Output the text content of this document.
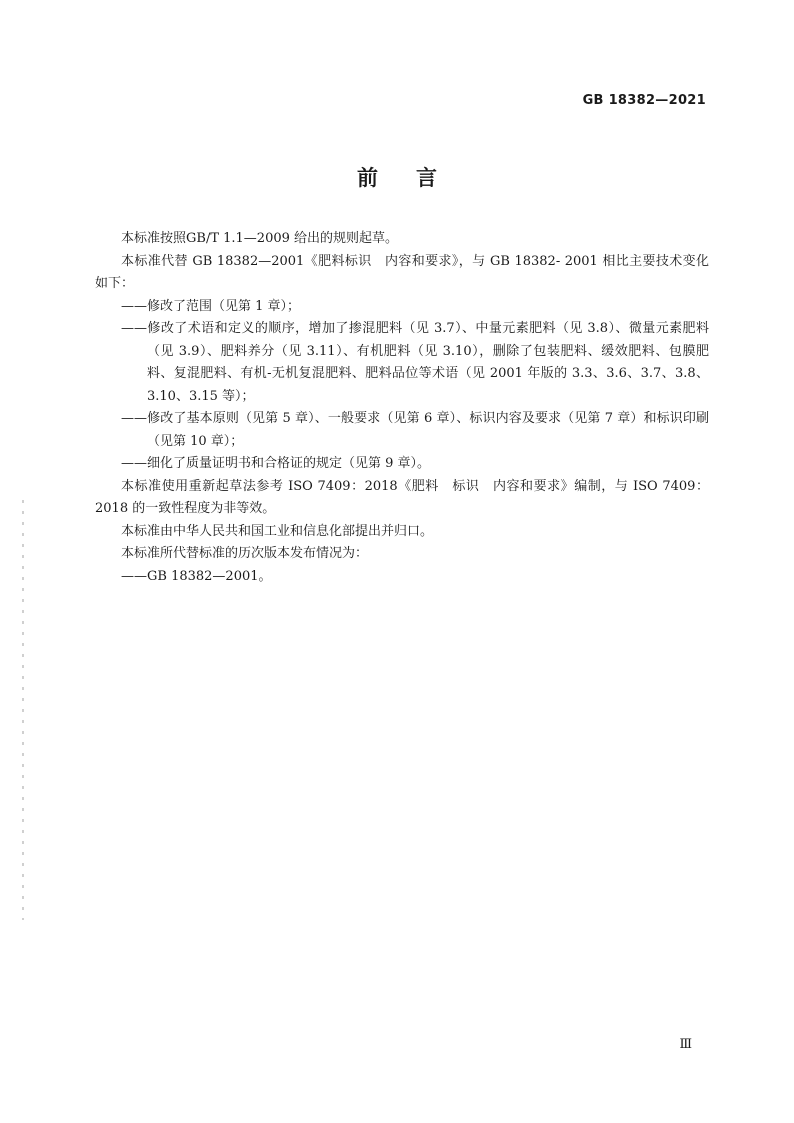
GB 18382—2021
前言

本标准按照GB/T 1.1—2009 给出的规则起草。

本标准代替 GB 18382—2001《肥料标识　内容和要求》，与 GB 18382- 2001 相比主要技术变化如下：

——修改了范围（见第 1 章）；

——修改了术语和定义的顺序，增加了掺混肥料（见 3.7）、中量元素肥料（见 3.8）、微量元素肥料（见 3.9）、肥料养分（见 3.11）、有机肥料（见 3.10），删除了包装肥料、缓效肥料、包膜肥料、复混肥料、有机-无机复混肥料、肥料品位等术语（见 2001 年版的 3.3、3.6、3.7、3.8、3.10、3.15 等）；

——修改了基本原则（见第 5 章）、一般要求（见第 6 章）、标识内容及要求（见第 7 章）和标识印刷（见第 10 章）；

——细化了质量证明书和合格证的规定（见第 9 章）。

本标准使用重新起草法参考 ISO 7409：2018《肥料　标识　内容和要求》编制，与 ISO 7409：2018 的一致性程度为非等效。

本标准由中华人民共和国工业和信息化部提出并归口。

本标准所代替标准的历次版本发布情况为：

——GB 18382—2001。

Ⅲ
